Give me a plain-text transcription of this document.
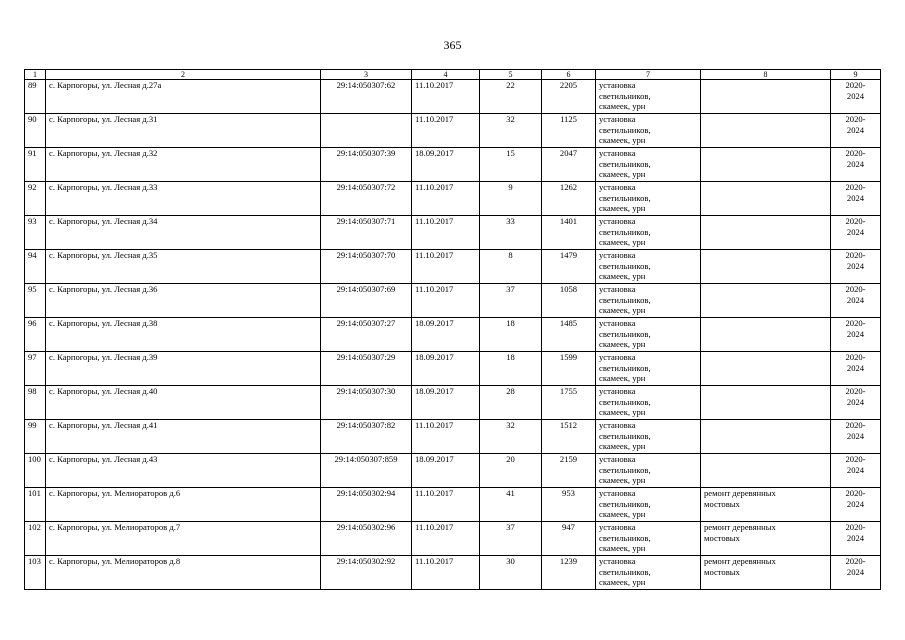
365
1	2	3	4	5	6	7	8	9
89	с. Карпогоры, ул. Лесная д.27а	29:14:050307:62	11.10.2017	22	2205	установка
светильников,
скамеек, урн		2020-
2024

90	с. Карпогоры, ул. Лесная д.31		11.10.2017	32	1125	установка
светильников,
скамеек, урн		2020-
2024

91	с. Карпогоры, ул. Лесная д.32	29:14:050307:39	18.09.2017	15	2047	установка
светильников,
скамеек, урн		2020-
2024

92	с. Карпогоры, ул. Лесная д.33	29:14:050307:72	11.10.2017	9	1262	установка
светильников,
скамеек, урн		2020-
2024

93	с. Карпогоры, ул. Лесная д.34	29:14:050307:71	11.10.2017	33	1401	установка
светильников,
скамеек, урн		2020-
2024

94	с. Карпогоры, ул. Лесная д.35	29:14:050307:70	11.10.2017	8	1479	установка
светильников,
скамеек, урн		2020-
2024

95	с. Карпогоры, ул. Лесная д.36	29:14:050307:69	11.10.2017	37	1058	установка
светильников,
скамеек, урн		2020-
2024

96	с. Карпогоры, ул. Лесная д.38	29:14:050307:27	18.09.2017	18	1485	установка
светильников,
скамеек, урн		2020-
2024

97	с. Карпогоры, ул. Лесная д.39	29:14:050307:29	18.09.2017	18	1599	установка
светильников,
скамеек, урн		2020-
2024

98	с. Карпогоры, ул. Лесная д.40	29:14:050307:30	18.09.2017	28	1755	установка
светильников,
скамеек, урн		2020-
2024

99	с. Карпогоры, ул. Лесная д.41	29:14:050307:82	11.10.2017	32	1512	установка
светильников,
скамеек, урн		2020-
2024

100	с. Карпогоры, ул. Лесная д.43	29:14:050307:859	18.09.2017	20	2159	установка
светильников,
скамеек, урн		2020-
2024

101	с. Карпогоры, ул. Мелиораторов д.6	29:14:050302:94	11.10.2017	41	953	установка
светильников,
скамеек, урн	ремонт деревянных
мостовых	2020-
2024

102	с. Карпогоры, ул. Мелиораторов д.7	29:14:050302:96	11.10.2017	37	947	установка
светильников,
скамеек, урн	ремонт деревянных
мостовых	2020-
2024

103	с. Карпогоры, ул. Мелиораторов д.8	29:14:050302:92	11.10.2017	30	1239	установка
светильников,
скамеек, урн	ремонт деревянных
мостовых	2020-
2024
